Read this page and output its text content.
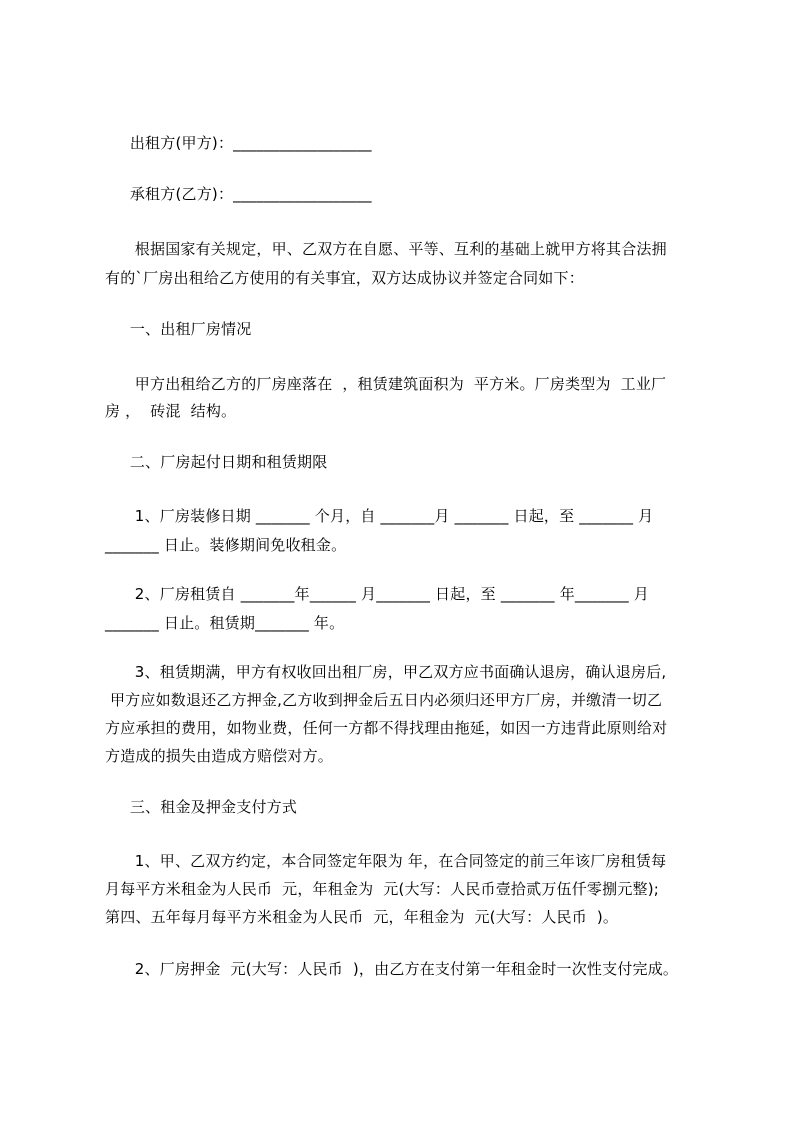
出租方(甲方)：__________________
承租方(乙方)：__________________
根据国家有关规定，甲、乙双方在自愿、平等、互利的基础上就甲方将其合法拥
有的`厂房出租给乙方使用的有关事宜，双方达成协议并签定合同如下：
一、出租厂房情况
甲方出租给乙方的厂房座落在  ，租赁建筑面积为  平方米。厂房类型为  工业厂
房 ，  砖混  结构。
二、厂房起付日期和租赁期限
1、厂房装修日期 _______ 个月，自 _______月 _______ 日起，至 _______ 月
_______ 日止。装修期间免收租金。
2、厂房租赁自 _______年______ 月_______ 日起，至 _______ 年_______ 月
_______ 日止。租赁期_______ 年。
3、租赁期满，甲方有权收回出租厂房，甲乙双方应书面确认退房，确认退房后,
甲方应如数退还乙方押金,乙方收到押金后五日内必须归还甲方厂房，并缴清一切乙
方应承担的费用，如物业费，任何一方都不得找理由拖延，如因一方违背此原则给对
方造成的损失由造成方赔偿对方。
三、租金及押金支付方式
1、甲、乙双方约定，本合同签定年限为 年，在合同签定的前三年该厂房租赁每
月每平方米租金为人民币  元，年租金为  元(大写：人民币壹拾贰万伍仟零捌元整);
第四、五年每月每平方米租金为人民币  元，年租金为  元(大写：人民币  )。
2、厂房押金  元(大写：人民币  )，由乙方在支付第一年租金时一次性支付完成。
